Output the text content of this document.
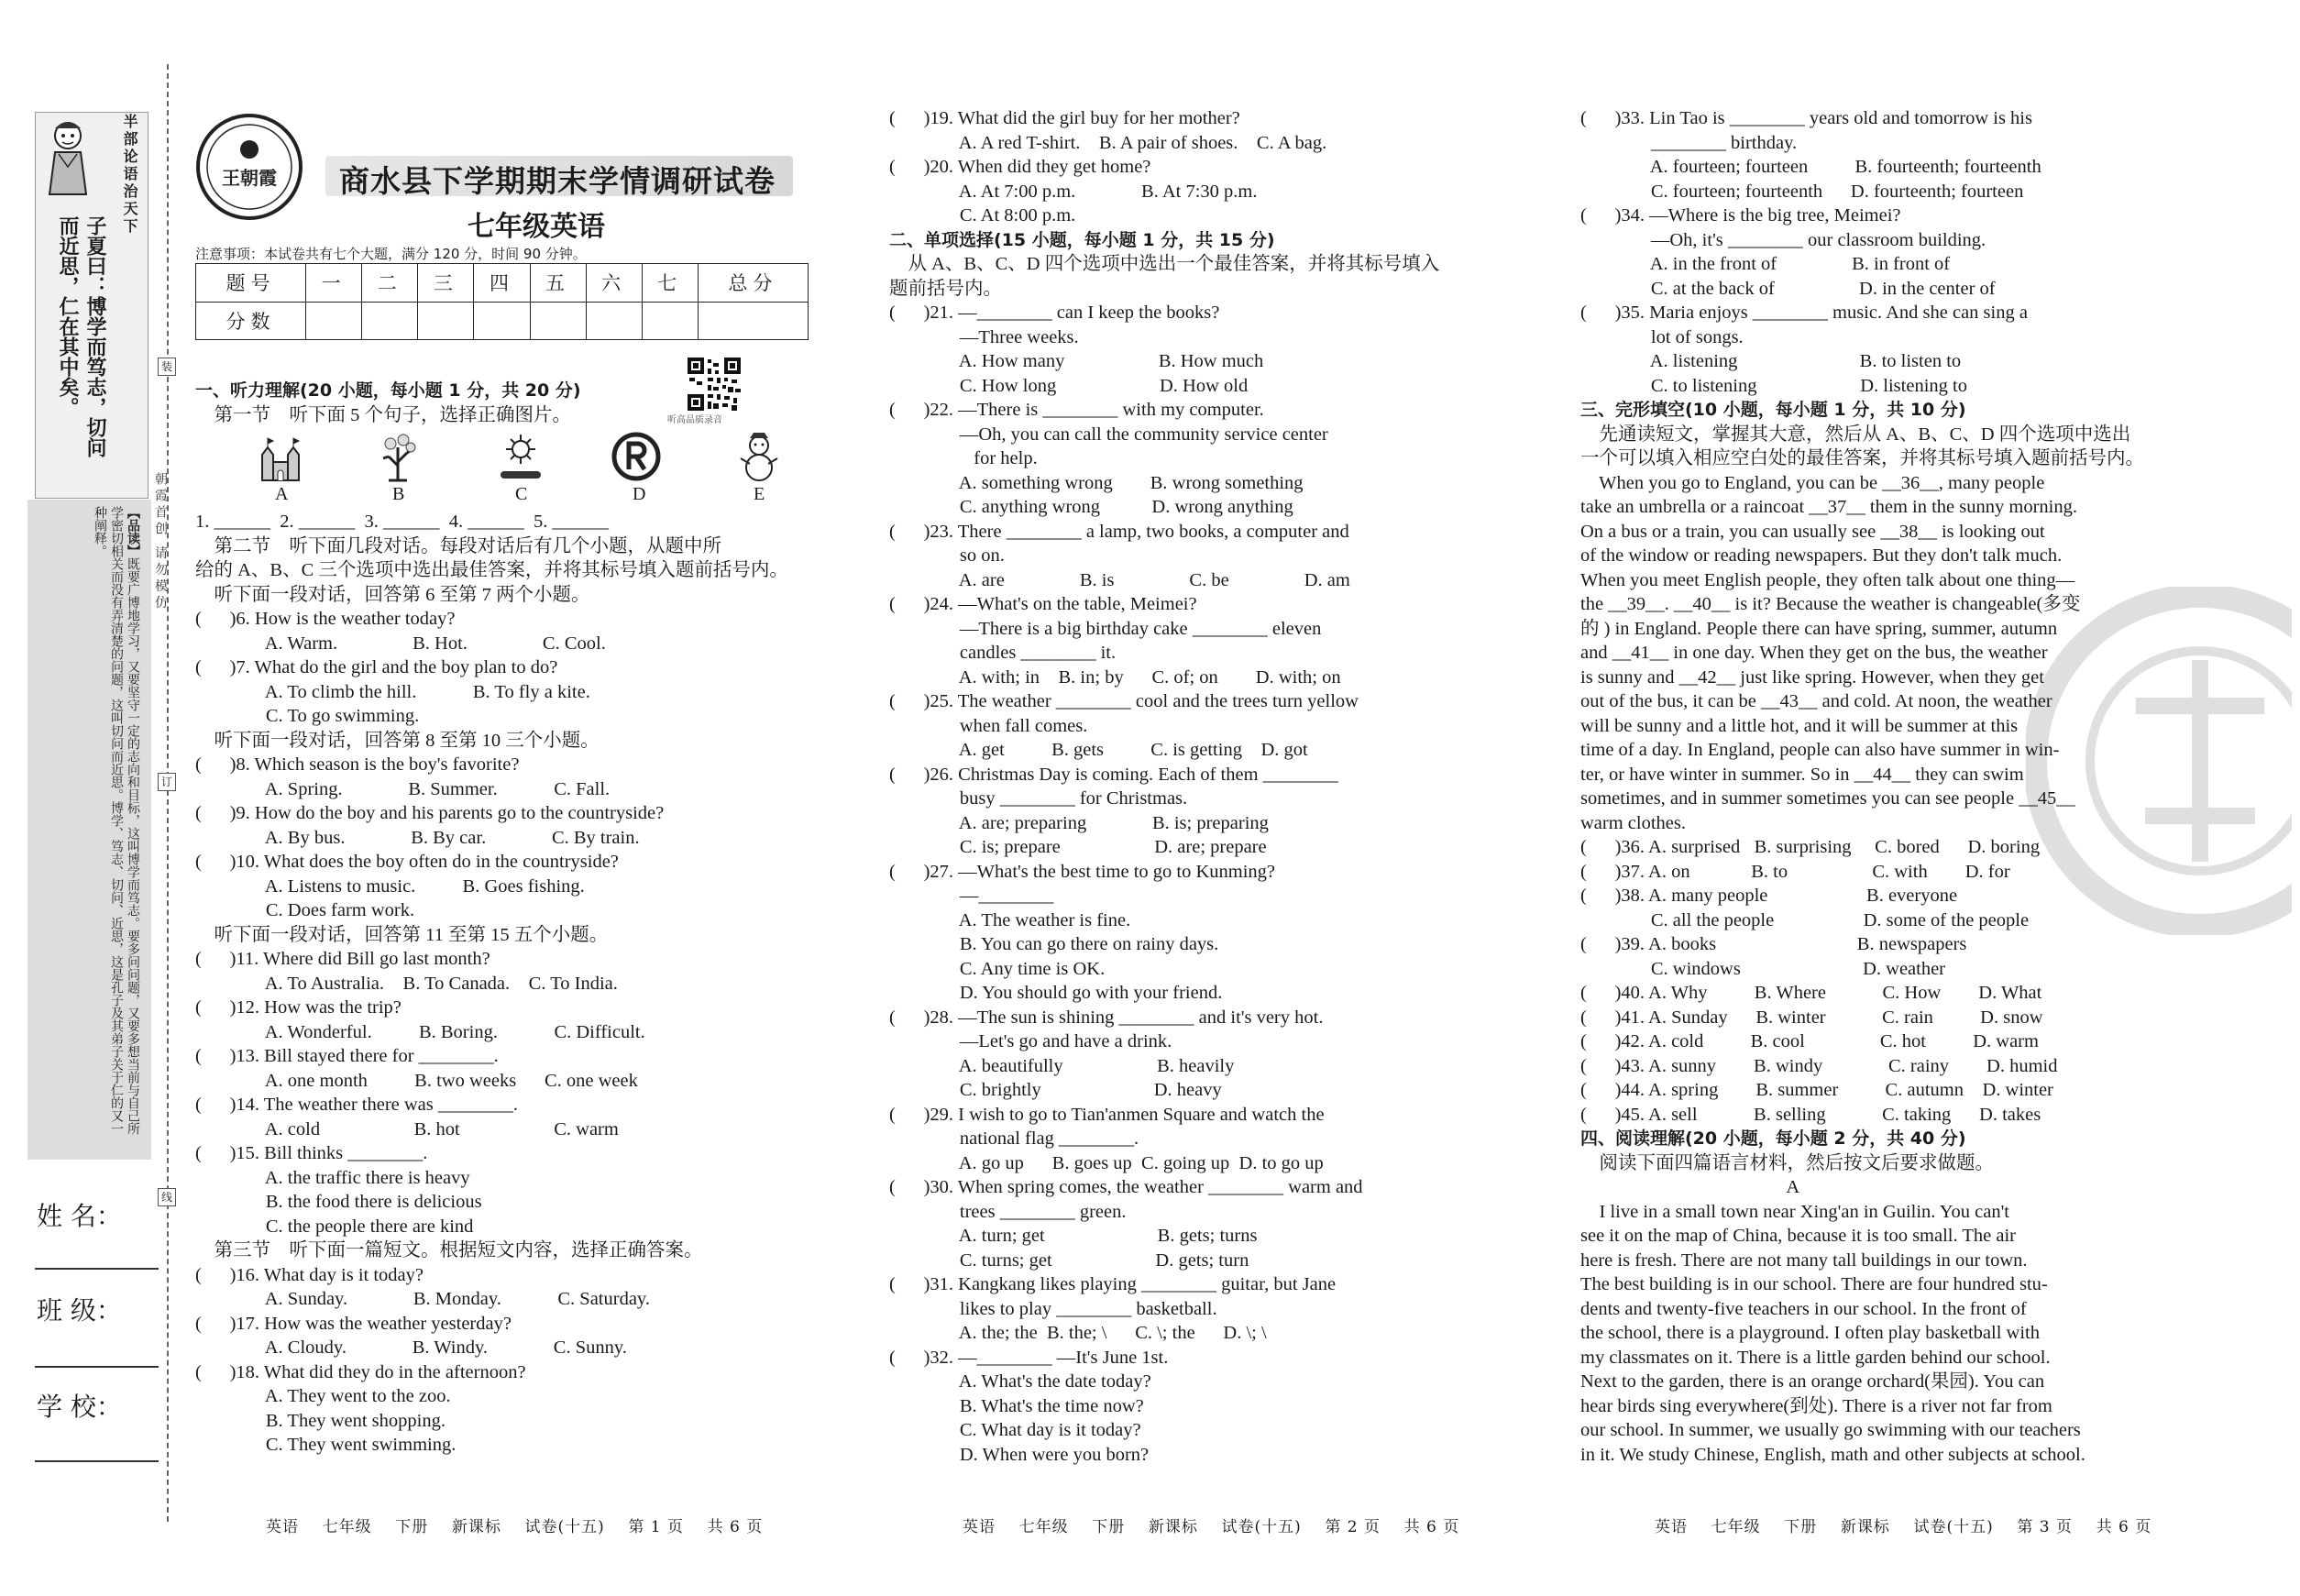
半部论语治天下
子夏曰：博学而笃志，切问
而近思，仁在其中矣。
【品读】既要广博地学习，又要坚守一定的志向和目标，这叫博学而笃志。要多问问题，又要多想当前与自己所学密切相关而没有弄清楚的问题，这叫切问而近思。博学、笃志、切问、近思，这是孔子及其弟子关于仁的又一种阐释。
装
订
线
朝霞首创 请勿模仿
姓 名：
班 级：
学 校：
王朝霞 商水县下学期期末学情调研试卷
七年级英语
注意事项：本试卷共有七个大题，满分 120 分，时间 90 分钟。
题号	一	二	三	四	五	六	七	总分
分数								
听高品质录音
A	B	C	D	E
一、听力理解(20 小题，每小题 1 分，共 20 分)
第一节    听下面 5 个句子，选择正确图片。
1. ______  2. ______  3. ______  4. ______  5. ______
第二节    听下面几段对话。每段对话后有几个小题，从题中所
给的 A、B、C 三个选项中选出最佳答案，并将其标号填入题前括号内。
听下面一段对话，回答第 6 至第 7 两个小题。
(      )6. How is the weather today?
A. Warm.                B. Hot.                C. Cool.
(      )7. What do the girl and the boy plan to do?
A. To climb the hill.            B. To fly a kite.
C. To go swimming.
听下面一段对话，回答第 8 至第 10 三个小题。
(      )8. Which season is the boy's favorite?
A. Spring.              B. Summer.            C. Fall.
(      )9. How do the boy and his parents go to the countryside?
A. By bus.              B. By car.              C. By train.
(      )10. What does the boy often do in the countryside?
A. Listens to music.          B. Goes fishing.
C. Does farm work.
听下面一段对话，回答第 11 至第 15 五个小题。
(      )11. Where did Bill go last month?
A. To Australia.    B. To Canada.    C. To India.
(      )12. How was the trip?
A. Wonderful.          B. Boring.            C. Difficult.
(      )13. Bill stayed there for ________.
A. one month          B. two weeks      C. one week
(      )14. The weather there was ________.
A. cold                    B. hot                    C. warm
(      )15. Bill thinks ________.
A. the traffic there is heavy
B. the food there is delicious
C. the people there are kind
第三节    听下面一篇短文。根据短文内容，选择正确答案。
(      )16. What day is it today?
A. Sunday.              B. Monday.            C. Saturday.
(      )17. How was the weather yesterday?
A. Cloudy.              B. Windy.              C. Sunny.
(      )18. What did they do in the afternoon?
A. They went to the zoo.
B. They went shopping.
C. They went swimming.
(      )19. What did the girl buy for her mother?
A. A red T-shirt.    B. A pair of shoes.    C. A bag.
(      )20. When did they get home?
A. At 7:00 p.m.              B. At 7:30 p.m.
C. At 8:00 p.m.
二、单项选择(15 小题，每小题 1 分，共 15 分)
从 A、B、C、D 四个选项中选出一个最佳答案，并将其标号填入
题前括号内。
(      )21. —________ can I keep the books?
—Three weeks.
A. How many                    B. How much
C. How long                      D. How old
(      )22. —There is ________ with my computer.
—Oh, you can call the community service center
for help.
A. something wrong        B. wrong something
C. anything wrong           D. wrong anything
(      )23. There ________ a lamp, two books, a computer and
so on.
A. are                B. is                C. be                D. am
(      )24. —What's on the table, Meimei?
—There is a big birthday cake ________ eleven
candles ________ it.
A. with; in    B. in; by      C. of; on        D. with; on
(      )25. The weather ________ cool and the trees turn yellow
when fall comes.
A. get          B. gets          C. is getting    D. got
(      )26. Christmas Day is coming. Each of them ________
busy ________ for Christmas.
A. are; preparing              B. is; preparing
C. is; prepare                    D. are; prepare
(      )27. —What's the best time to go to Kunming?
—________
A. The weather is fine.
B. You can go there on rainy days.
C. Any time is OK.
D. You should go with your friend.
(      )28. —The sun is shining ________ and it's very hot.
—Let's go and have a drink.
A. beautifully                    B. heavily
C. brightly                        D. heavy
(      )29. I wish to go to Tian'anmen Square and watch the
national flag ________.
A. go up      B. goes up  C. going up  D. to go up
(      )30. When spring comes, the weather ________ warm and
trees ________ green.
A. turn; get                        B. gets; turns
C. turns; get                      D. gets; turn
(      )31. Kangkang likes playing ________ guitar, but Jane
likes to play ________ basketball.
A. the; the  B. the; \      C. \; the      D. \; \
(      )32. —________ —It's June 1st.
A. What's the date today?
B. What's the time now?
C. What day is it today?
D. When were you born?
(      )33. Lin Tao is ________ years old and tomorrow is his
________ birthday.
A. fourteen; fourteen          B. fourteenth; fourteenth
C. fourteen; fourteenth      D. fourteenth; fourteen
(      )34. —Where is the big tree, Meimei?
—Oh, it's ________ our classroom building.
A. in the front of                B. in front of
C. at the back of                  D. in the center of
(      )35. Maria enjoys ________ music. And she can sing a
lot of songs.
A. listening                          B. to listen to
C. to listening                      D. listening to
三、完形填空(10 小题，每小题 1 分，共 10 分)
先通读短文，掌握其大意，然后从 A、B、C、D 四个选项中选出
一个可以填入相应空白处的最佳答案，并将其标号填入题前括号内。
When you go to England, you can be __36__, many people
take an umbrella or a raincoat __37__ them in the sunny morning.
On a bus or a train, you can usually see __38__ is looking out
of the window or reading newspapers. But they don't talk much.
When you meet English people, they often talk about one thing—
the __39__. __40__ is it? Because the weather is changeable(多变
的 ) in England. People there can have spring, summer, autumn
and __41__ in one day. When they get on the bus, the weather
is sunny and __42__ just like spring. However, when they get
out of the bus, it can be __43__ and cold. At noon, the weather
will be sunny and a little hot, and it will be summer at this
time of a day. In England, people can also have summer in win-
ter, or have winter in summer. So in __44__ they can swim
sometimes, and in summer sometimes you can see people __45__
warm clothes.
(      )36. A. surprised   B. surprising     C. bored      D. boring
(      )37. A. on             B. to                  C. with        D. for
(      )38. A. many people                     B. everyone
C. all the people                   D. some of the people
(      )39. A. books                              B. newspapers
C. windows                          D. weather
(      )40. A. Why          B. Where            C. How        D. What
(      )41. A. Sunday      B. winter            C. rain          D. snow
(      )42. A. cold          B. cool                C. hot          D. warm
(      )43. A. sunny        B. windy              C. rainy        D. humid
(      )44. A. spring        B. summer          C. autumn    D. winter
(      )45. A. sell            B. selling            C. taking      D. takes
四、阅读理解(20 小题，每小题 2 分，共 40 分)
阅读下面四篇语言材料，然后按文后要求做题。
A
I live in a small town near Xing'an in Guilin. You can't
see it on the map of China, because it is too small. The air
here is fresh. There are not many tall buildings in our town.
The best building is in our school. There are four hundred stu-
dents and twenty-five teachers in our school. In the front of
the school, there is a playground. I often play basketball with
my classmates on it. There is a little garden behind our school.
Next to the garden, there is an orange orchard(果园). You can
hear birds sing everywhere(到处). There is a river not far from
our school. In summer, we usually go swimming with our teachers
in it. We study Chinese, English, math and other subjects at school.
英语    七年级    下册    新课标    试卷(十五)    第 1 页    共 6 页	英语    七年级    下册    新课标    试卷(十五)    第 2 页    共 6 页	英语    七年级    下册    新课标    试卷(十五)    第 3 页    共 6 页
